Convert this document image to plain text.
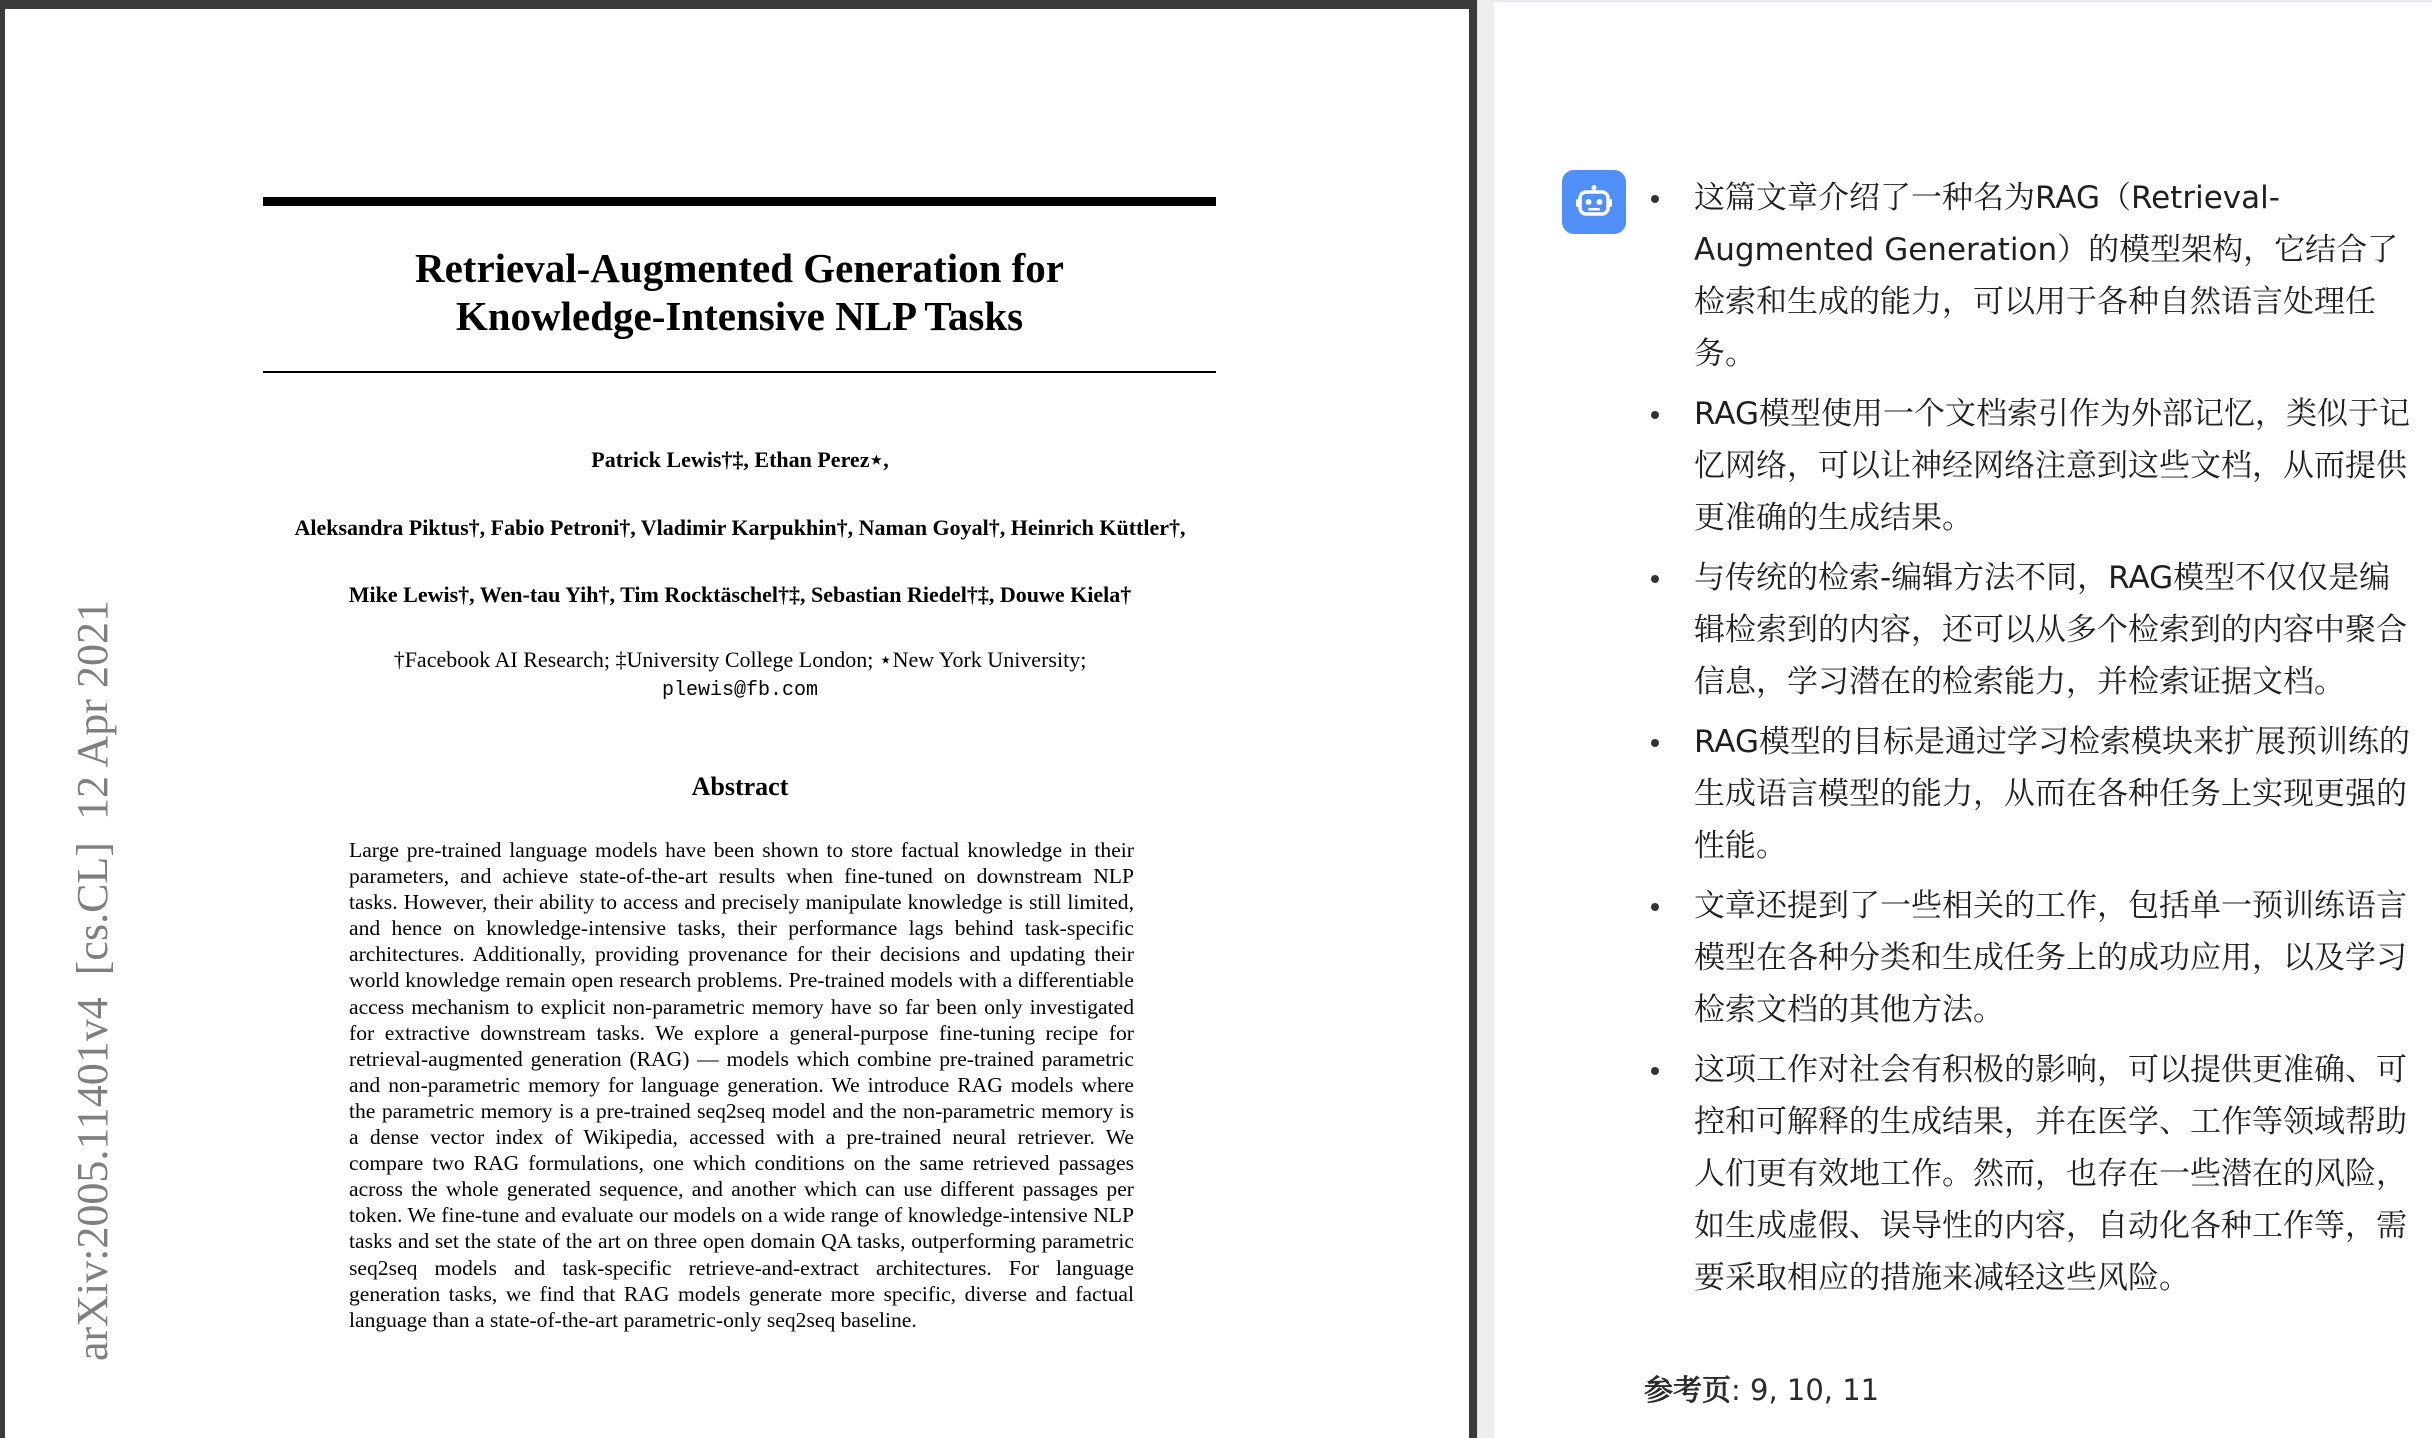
Retrieval-Augmented Generation for
Knowledge-Intensive NLP Tasks
Patrick Lewis†‡, Ethan Perez⋆,
Aleksandra Piktus†, Fabio Petroni†, Vladimir Karpukhin†, Naman Goyal†, Heinrich Küttler†,
Mike Lewis†, Wen-tau Yih†, Tim Rocktäschel†‡, Sebastian Riedel†‡, Douwe Kiela†
†Facebook AI Research; ‡University College London; ⋆New York University;
plewis@fb.com
Abstract

Large pre-trained language models have been shown to store factual knowledge in their parameters, and achieve state-of-the-art results when fine-tuned on downstream NLP tasks. However, their ability to access and precisely manipulate knowledge is still limited, and hence on knowledge-intensive tasks, their performance lags behind task-specific architectures. Additionally, providing provenance for their decisions and updating their world knowledge remain open research problems. Pre-trained models with a differentiable access mechanism to explicit non-parametric memory have so far been only investigated for extractive downstream tasks. We explore a general-purpose fine-tuning recipe for retrieval-augmented generation (RAG) — models which combine pre-trained parametric and non-parametric memory for language generation. We introduce RAG models where the parametric memory is a pre-trained seq2seq model and the non-parametric memory is a dense vector index of Wikipedia, accessed with a pre-trained neural retriever. We compare two RAG formulations, one which conditions on the same retrieved passages across the whole generated sequence, and another which can use different passages per token. We fine-tune and evaluate our models on a wide range of knowledge-intensive NLP tasks and set the state of the art on three open domain QA tasks, outperforming parametric seq2seq models and task-specific retrieve-and-extract architectures. For language generation tasks, we find that RAG models generate more specific, diverse and factual language than a state-of-the-art parametric-only seq2seq baseline.

arXiv:2005.11401v4  [cs.CL]  12 Apr 2021
这篇文章介绍了一种名为RAG（Retrieval-Augmented Generation）的模型架构，它结合了检索和生成的能力，可以用于各种自然语言处理任务。
RAG模型使用一个文档索引作为外部记忆，类似于记忆网络，可以让神经网络注意到这些文档，从而提供更准确的生成结果。
与传统的检索-编辑方法不同，RAG模型不仅仅是编辑检索到的内容，还可以从多个检索到的内容中聚合信息，学习潜在的检索能力，并检索证据文档。
RAG模型的目标是通过学习检索模块来扩展预训练的生成语言模型的能力，从而在各种任务上实现更强的性能。
文章还提到了一些相关的工作，包括单一预训练语言模型在各种分类和生成任务上的成功应用，以及学习检索文档的其他方法。
这项工作对社会有积极的影响，可以提供更准确、可控和可解释的生成结果，并在医学、工作等领域帮助人们更有效地工作。然而，也存在一些潜在的风险，如生成虚假、误导性的内容，自动化各种工作等，需要采取相应的措施来减轻这些风险。
参考页: 9, 10, 11
